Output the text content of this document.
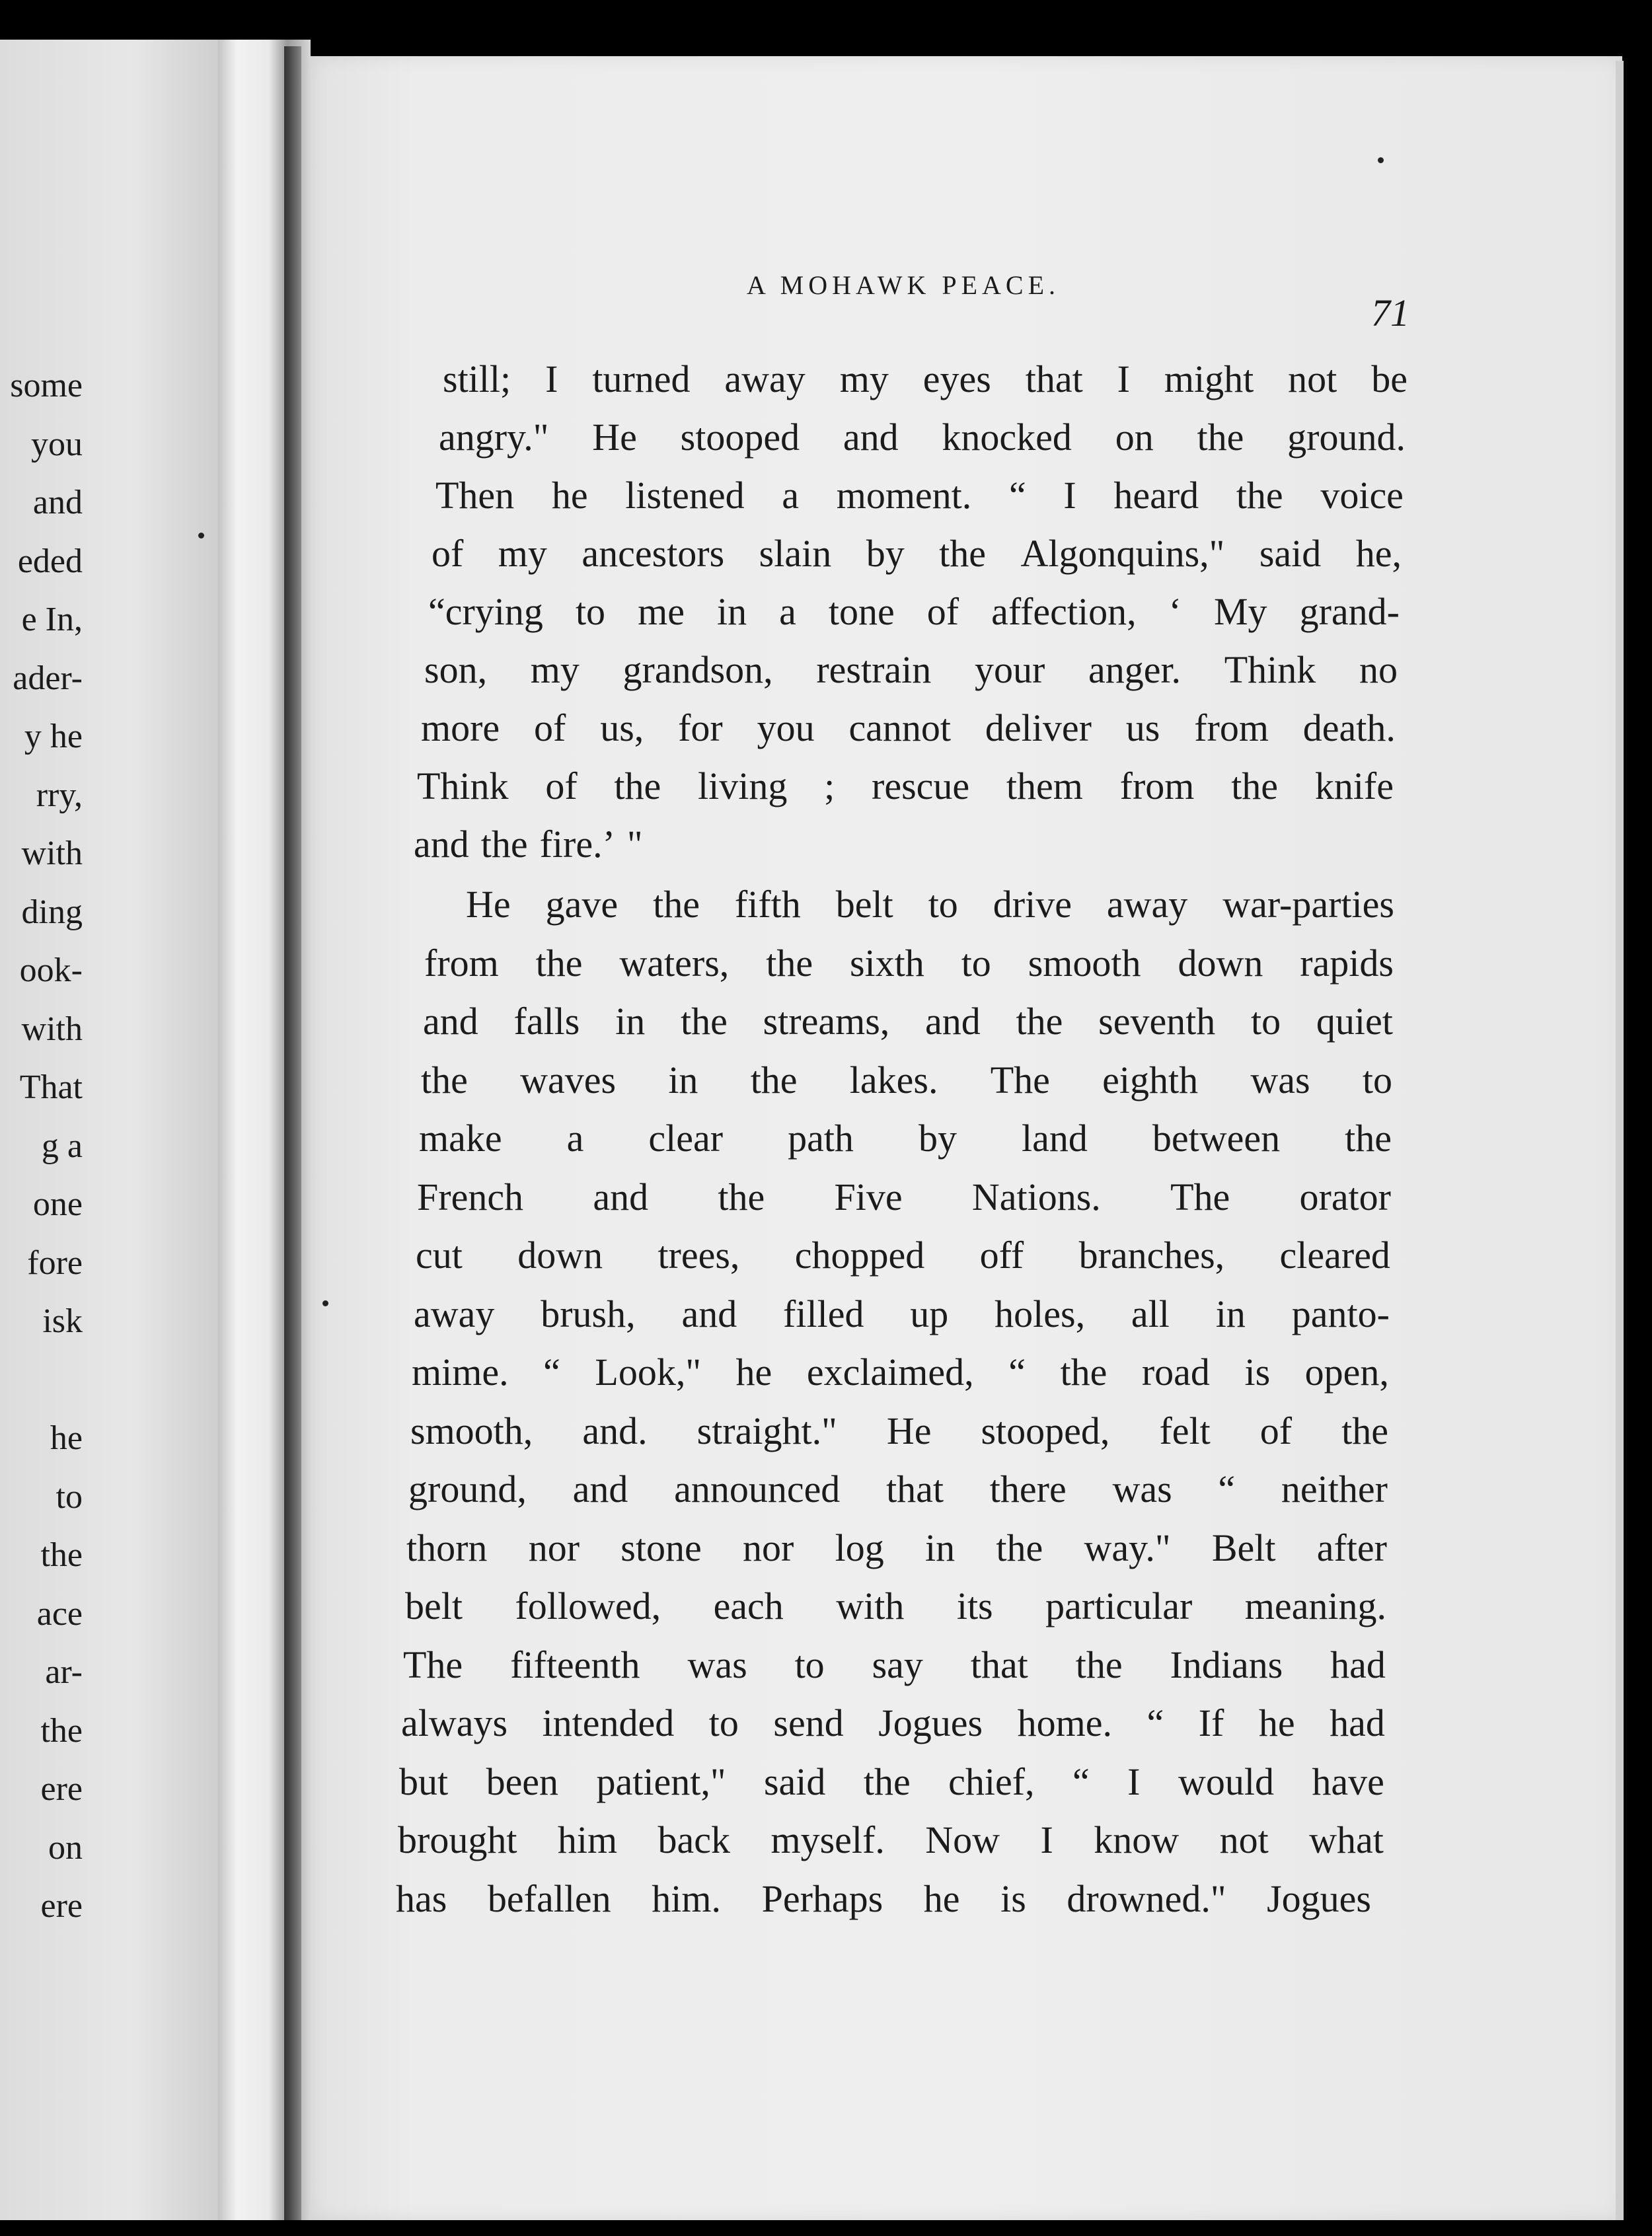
some
you
and
eded
e In,
ader-
y he
rry,
with
ding
ook-
with
That
g a
one
fore
isk
he
to
the
ace
ar-
the
ere
on
ere
A MOHAWK PEACE.
71
still; I turned away my eyes that I might not be
angry." He stooped and knocked on the ground.
Then he listened a moment. “ I heard the voice
of my ancestors slain by the Algonquins," said he,
“crying to me in a tone of affection, ‘ My grand-
son, my grandson, restrain your anger. Think no
more of us, for you cannot deliver us from death.
Think of the living ; rescue them from the knife
and the fire.’ "
He gave the fifth belt to drive away war-parties
from the waters, the sixth to smooth down rapids
and falls in the streams, and the seventh to quiet
the waves in the lakes. The eighth was to
make a clear path by land between the
French and the Five Nations. The orator
cut down trees, chopped off branches, cleared
away brush, and filled up holes, all in panto-
mime. “ Look," he exclaimed, “ the road is open,
smooth, and. straight." He stooped, felt of the
ground, and announced that there was “ neither
thorn nor stone nor log in the way." Belt after
belt followed, each with its particular meaning.
The fifteenth was to say that the Indians had
always intended to send Jogues home. “ If he had
but been patient," said the chief, “ I would have
brought him back myself. Now I know not what
has befallen him. Perhaps he is drowned." Jogues
